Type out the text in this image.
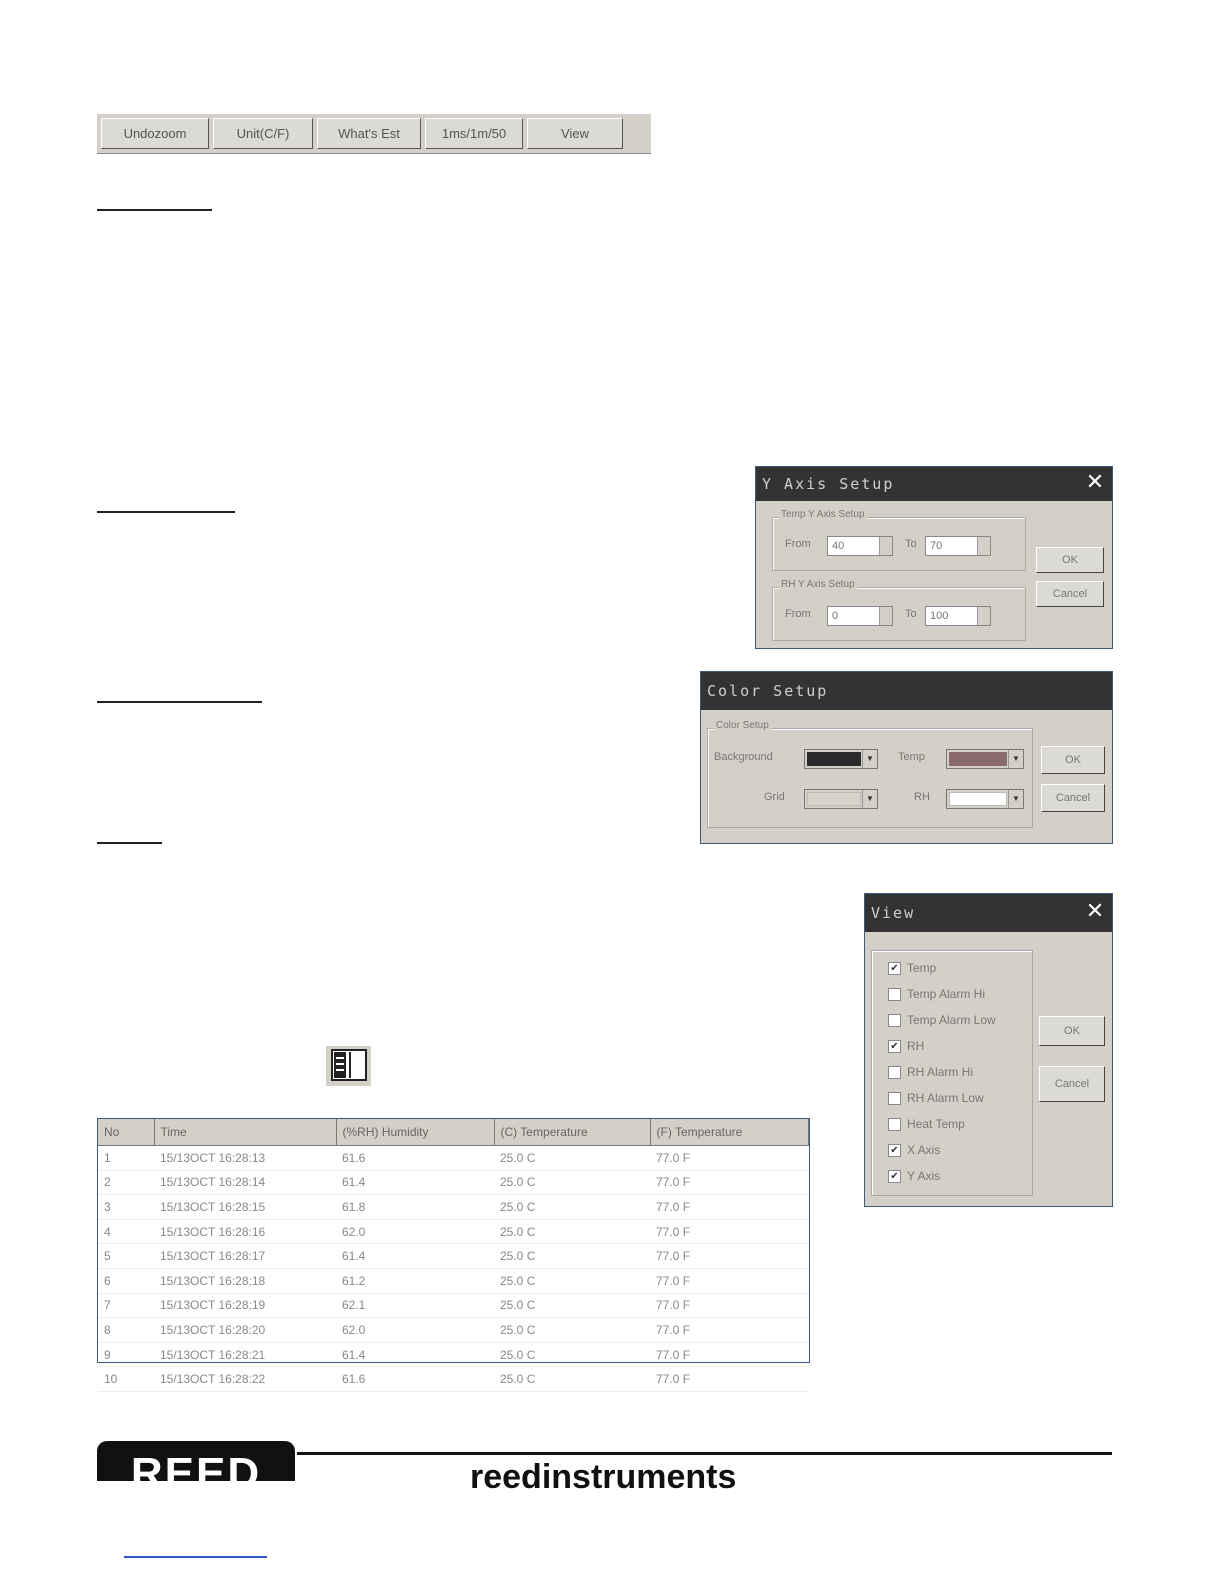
Undozoom	Unit(C/F)	What's Est	1ms/1m/50	View
Y Axis Setup	✕
Temp Y Axis Setup
From	40	To	70
RH Y Axis Setup
From	0	To	100
OK
Cancel
Color Setup
Color Setup
Background	▼ Temp	▼
Grid	▼	RH	▼
OK
Cancel
View	✕
✔ Temp
Temp Alarm Hi
Temp Alarm Low
✔ RH
RH Alarm Hi
RH Alarm Low
Heat Temp
✔ X Axis
✔ Y Axis
OK
Cancel
No	Time	(%RH) Humidity	(C) Temperature	(F) Temperature
1	15/13OCT 16:28:13	61.6	25.0 C	77.0 F
2	15/13OCT 16:28:14	61.4	25.0 C	77.0 F
3	15/13OCT 16:28:15	61.8	25.0 C	77.0 F
4	15/13OCT 16:28:16	62.0	25.0 C	77.0 F
5	15/13OCT 16:28:17	61.4	25.0 C	77.0 F
6	15/13OCT 16:28:18	61.2	25.0 C	77.0 F
7	15/13OCT 16:28:19	62.1	25.0 C	77.0 F
8	15/13OCT 16:28:20	62.0	25.0 C	77.0 F
9	15/13OCT 16:28:21	61.4	25.0 C	77.0 F
10	15/13OCT 16:28:22	61.6	25.0 C	77.0 F
REED	reedinstruments
